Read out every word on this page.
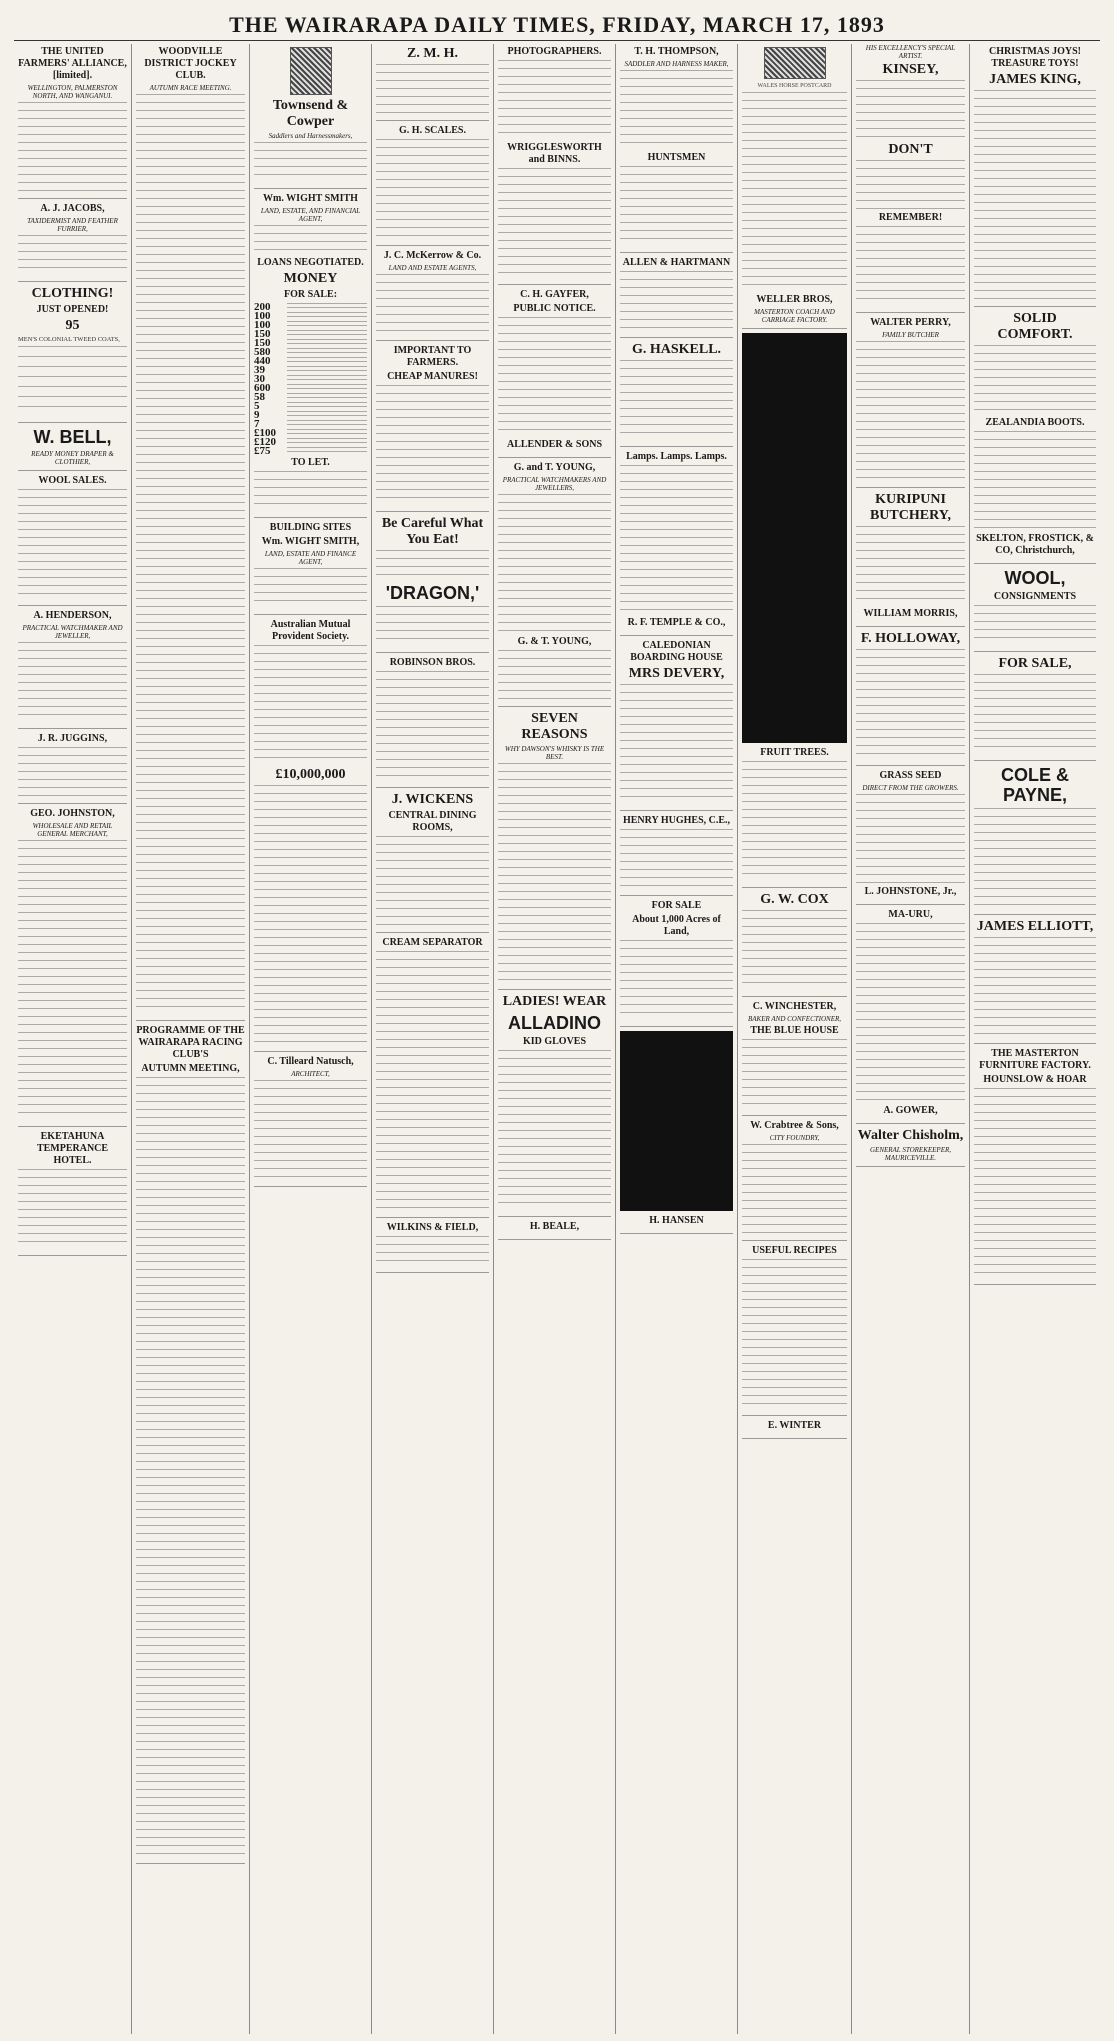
THE WAIRARAPA DAILY TIMES, FRIDAY, MARCH 17, 1893
THE UNITED FARMERS' ALLIANCE, [limited].
WELLINGTON, PALMERSTON NORTH, AND WANGANUI.
A. J. JACOBS,
TAXIDERMIST AND FEATHER FURRIER,
CLOTHING!
JUST OPENED!
95
MEN'S COLONIAL TWEED COATS,
W. BELL,
READY MONEY DRAPER & CLOTHIER,
WOOL SALES.
A. HENDERSON,
PRACTICAL WATCHMAKER AND JEWELLER,
J. R. JUGGINS,
GEO. JOHNSTON,
WHOLESALE AND RETAIL GENERAL MERCHANT,
EKETAHUNA TEMPERANCE HOTEL.
WOODVILLE DISTRICT JOCKEY CLUB.
AUTUMN RACE MEETING.
PROGRAMME OF THE WAIRARAPA RACING CLUB'S
AUTUMN MEETING,
Townsend & Cowper
Saddlers and Harnessmakers,
Wm. WIGHT SMITH
LAND, ESTATE, AND FINANCIAL AGENT,
LOANS NEGOTIATED.
MONEY
FOR SALE:
200
100
100
150
150
580
440
39
30
600
58
5
9
7
£100
£120
£75
TO LET.
BUILDING SITES
Wm. WIGHT SMITH,
LAND, ESTATE AND FINANCE AGENT,
Australian Mutual Provident Society.
£10,000,000
C. Tilleard Natusch,
ARCHITECT,
Z. M. H.
G. H. SCALES.
J. C. McKerrow & Co.
LAND AND ESTATE AGENTS,
IMPORTANT TO FARMERS.
CHEAP MANURES!
Be Careful What You Eat!
'DRAGON,'
ROBINSON BROS.
J. WICKENS
CENTRAL DINING ROOMS,
CREAM SEPARATOR
WILKINS & FIELD,
PHOTOGRAPHERS.
WRIGGLESWORTH and BINNS.
C. H. GAYFER,
PUBLIC NOTICE.
ALLENDER & SONS
G. and T. YOUNG,
PRACTICAL WATCHMAKERS AND JEWELLERS,
G. & T. YOUNG,
SEVEN REASONS
WHY DAWSON'S WHISKY IS THE BEST.
LADIES! WEAR
ALLADINO
KID GLOVES
H. BEALE,
T. H. THOMPSON,
SADDLER AND HARNESS MAKER,
HUNTSMEN
ALLEN & HARTMANN
G. HASKELL.
Lamps. Lamps. Lamps.
R. F. TEMPLE & CO.,
CALEDONIAN BOARDING HOUSE
MRS DEVERY,
HENRY HUGHES, C.E.,
FOR SALE
About 1,000 Acres of Land,
H. HANSEN
WALES HORSE POSTCARD
WELLER BROS,
MASTERTON COACH AND CARRIAGE FACTORY.
FRUIT TREES.
G. W. COX
C. WINCHESTER,
BAKER AND CONFECTIONER,
THE BLUE HOUSE
W. Crabtree & Sons,
CITY FOUNDRY,
USEFUL RECIPES
E. WINTER
HIS EXCELLENCY'S SPECIAL ARTIST.
KINSEY,
DON'T
REMEMBER!
WALTER PERRY,
FAMILY BUTCHER
KURIPUNI BUTCHERY,
WILLIAM MORRIS,
F. HOLLOWAY,
GRASS SEED
DIRECT FROM THE GROWERS.
L. JOHNSTONE, Jr.,
MA-URU,
A. GOWER,
Walter Chisholm,
GENERAL STOREKEEPER, MAURICEVILLE.
CHRISTMAS JOYS! TREASURE TOYS!
JAMES KING,
SOLID COMFORT.
ZEALANDIA BOOTS.
SKELTON, FROSTICK, & CO, Christchurch,
WOOL,
CONSIGNMENTS
FOR SALE,
COLE & PAYNE,
JAMES ELLIOTT,
THE MASTERTON FURNITURE FACTORY.
HOUNSLOW & HOAR
